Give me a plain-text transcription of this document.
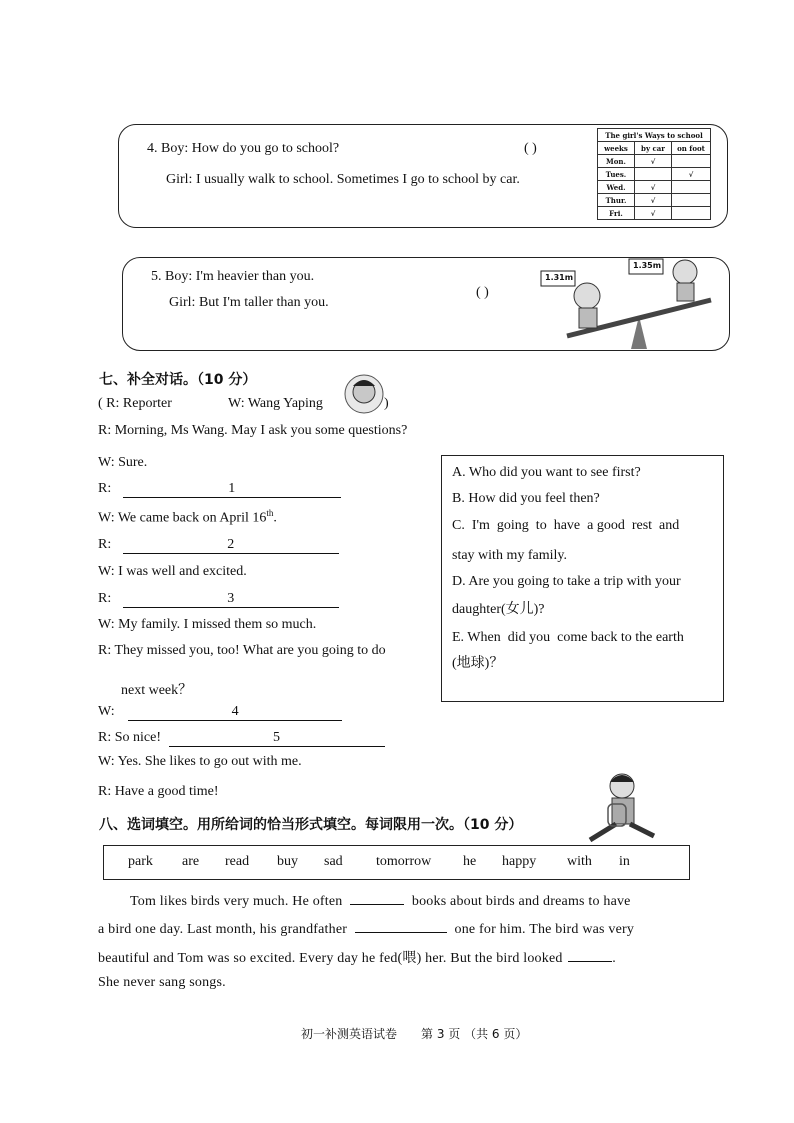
4. Boy: How do you go to school?	( )
Girl: I usually walk to school. Sometimes I go to school by car.
The girl's Ways to school		
weeks	by car	on foot
Mon.	√	
Tues.		√
Wed.	√	
Thur.	√	
Fri.	√	
5. Boy: I'm heavier than you.
Girl: But I'm taller than you.
( )
1.31m
1.35m
七、补全对话。（10 分）
( R: Reporter	W: Wang Yaping	)
R: Morning, Ms Wang. May I ask you some questions?
W: Sure.
R:	1
W: We came back on April 16th.
R:	2
W: I was well and excited.
R:	3
W: My family. I missed them so much.
R: They missed you, too! What are you going to do
next week？
W:	4
R: So nice!	5
W: Yes. She likes to go out with me.
R: Have a good time!
A. Who did you want to see first?
B. How did you feel then?
C.  I'm  going  to  have  a good  rest  and
stay with my family.
D. Are you going to take a trip with your
daughter(女儿)?
E. When  did you  come back to the earth
(地球)？
八、选词填空。用所给词的恰当形式填空。每词限用一次。（10 分）
park are read buy sad tomorrow he happy with in
Tom likes birds very much. He often	books about birds and dreams to have
a bird one day. Last month, his grandfather	one for him. The bird was very
beautiful and Tom was so excited. Every day he fed(喂) her. But the bird looked	.
She never sang songs.
初一补测英语试卷　　第 3 页 （共 6 页）
